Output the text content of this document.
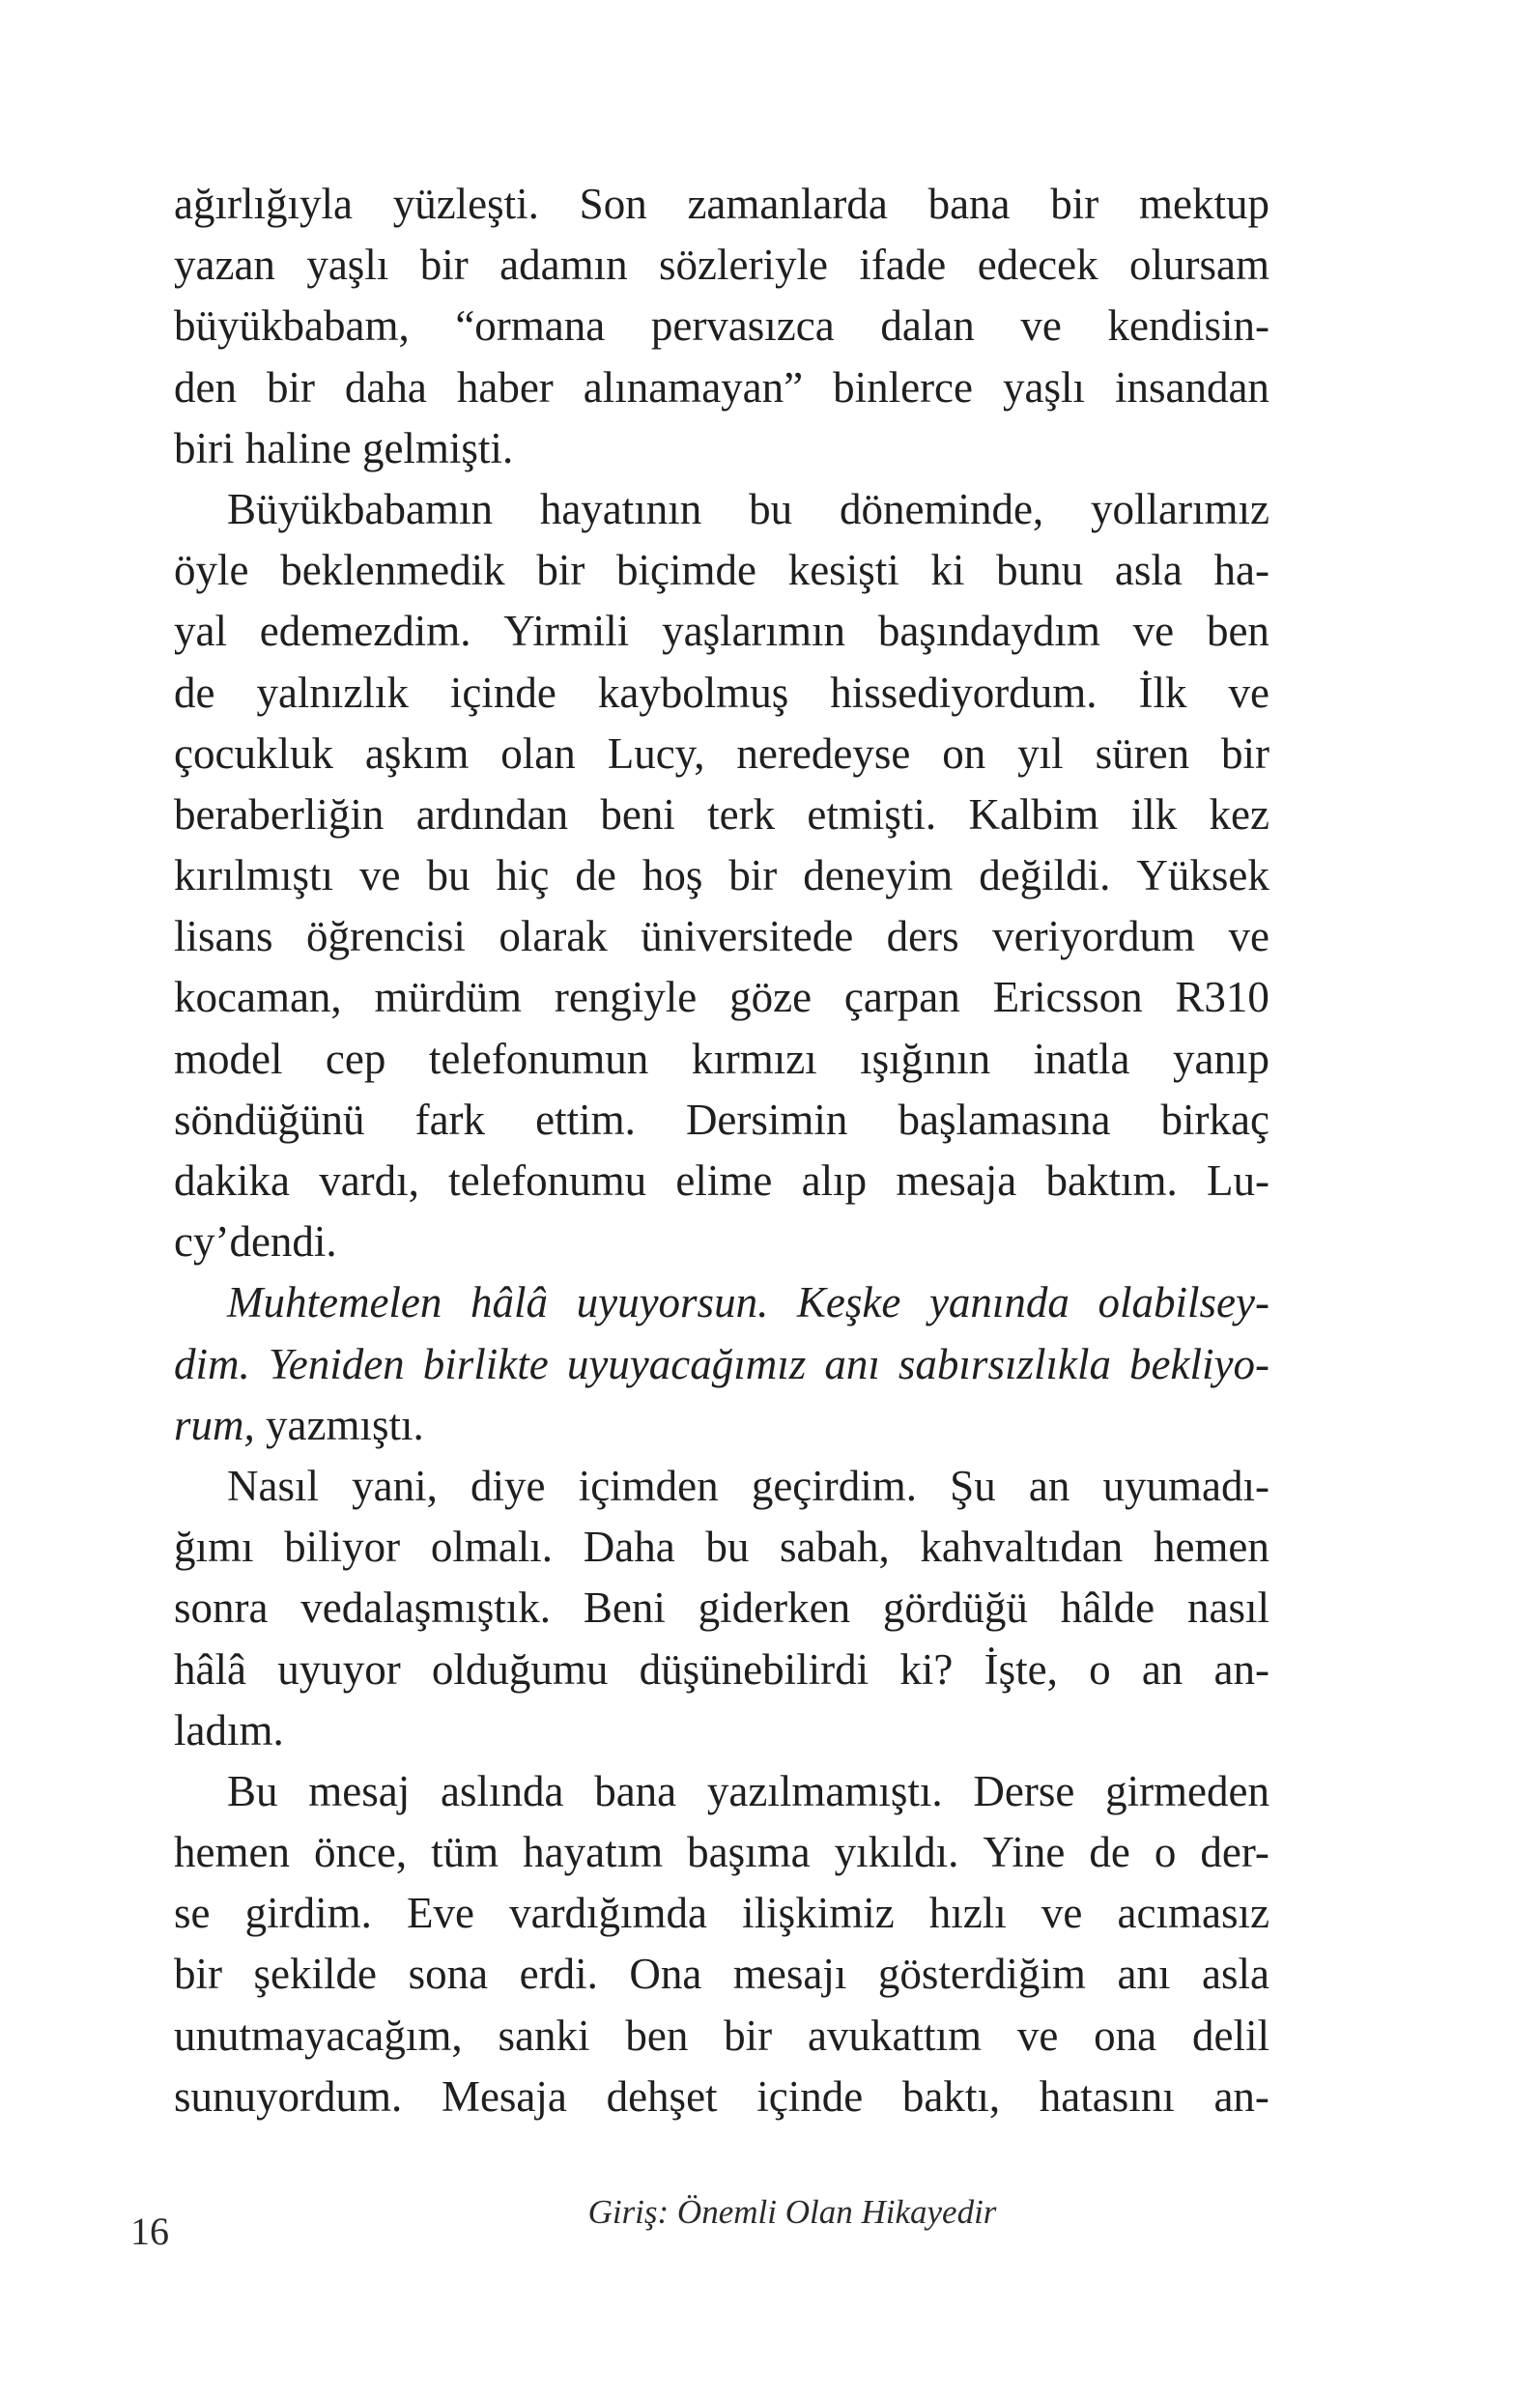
ağırlığıyla yüzleşti. Son zamanlarda bana bir mektup
yazan yaşlı bir adamın sözleriyle ifade edecek olursam
büyükbabam, “ormana pervasızca dalan ve kendisin-
den bir daha haber alınamayan” binlerce yaşlı insandan
biri haline gelmişti.
Büyükbabamın hayatının bu döneminde, yollarımız
öyle beklenmedik bir biçimde kesişti ki bunu asla ha-
yal edemezdim. Yirmili yaşlarımın başındaydım ve ben
de yalnızlık içinde kaybolmuş hissediyordum. İlk ve
çocukluk aşkım olan Lucy, neredeyse on yıl süren bir
beraberliğin ardından beni terk etmişti. Kalbim ilk kez
kırılmıştı ve bu hiç de hoş bir deneyim değildi. Yüksek
lisans öğrencisi olarak üniversitede ders veriyordum ve
kocaman, mürdüm rengiyle göze çarpan Ericsson R310
model cep telefonumun kırmızı ışığının inatla yanıp
söndüğünü fark ettim. Dersimin başlamasına birkaç
dakika vardı, telefonumu elime alıp mesaja baktım. Lu-
cy’dendi.
Muhtemelen hâlâ uyuyorsun. Keşke yanında olabilsey-
dim. Yeniden birlikte uyuyacağımız anı sabırsızlıkla bekliyo-
rum, yazmıştı.
Nasıl yani, diye içimden geçirdim. Şu an uyumadı-
ğımı biliyor olmalı. Daha bu sabah, kahvaltıdan hemen
sonra vedalaşmıştık. Beni giderken gördüğü hâlde nasıl
hâlâ uyuyor olduğumu düşünebilirdi ki? İşte, o an an-
ladım.
Bu mesaj aslında bana yazılmamıştı. Derse girmeden
hemen önce, tüm hayatım başıma yıkıldı. Yine de o der-
se girdim. Eve vardığımda ilişkimiz hızlı ve acımasız
bir şekilde sona erdi. Ona mesajı gösterdiğim anı asla
unutmayacağım, sanki ben bir avukattım ve ona delil
sunuyordum. Mesaja dehşet içinde baktı, hatasını an-
Giriş: Önemli Olan Hikayedir
16
